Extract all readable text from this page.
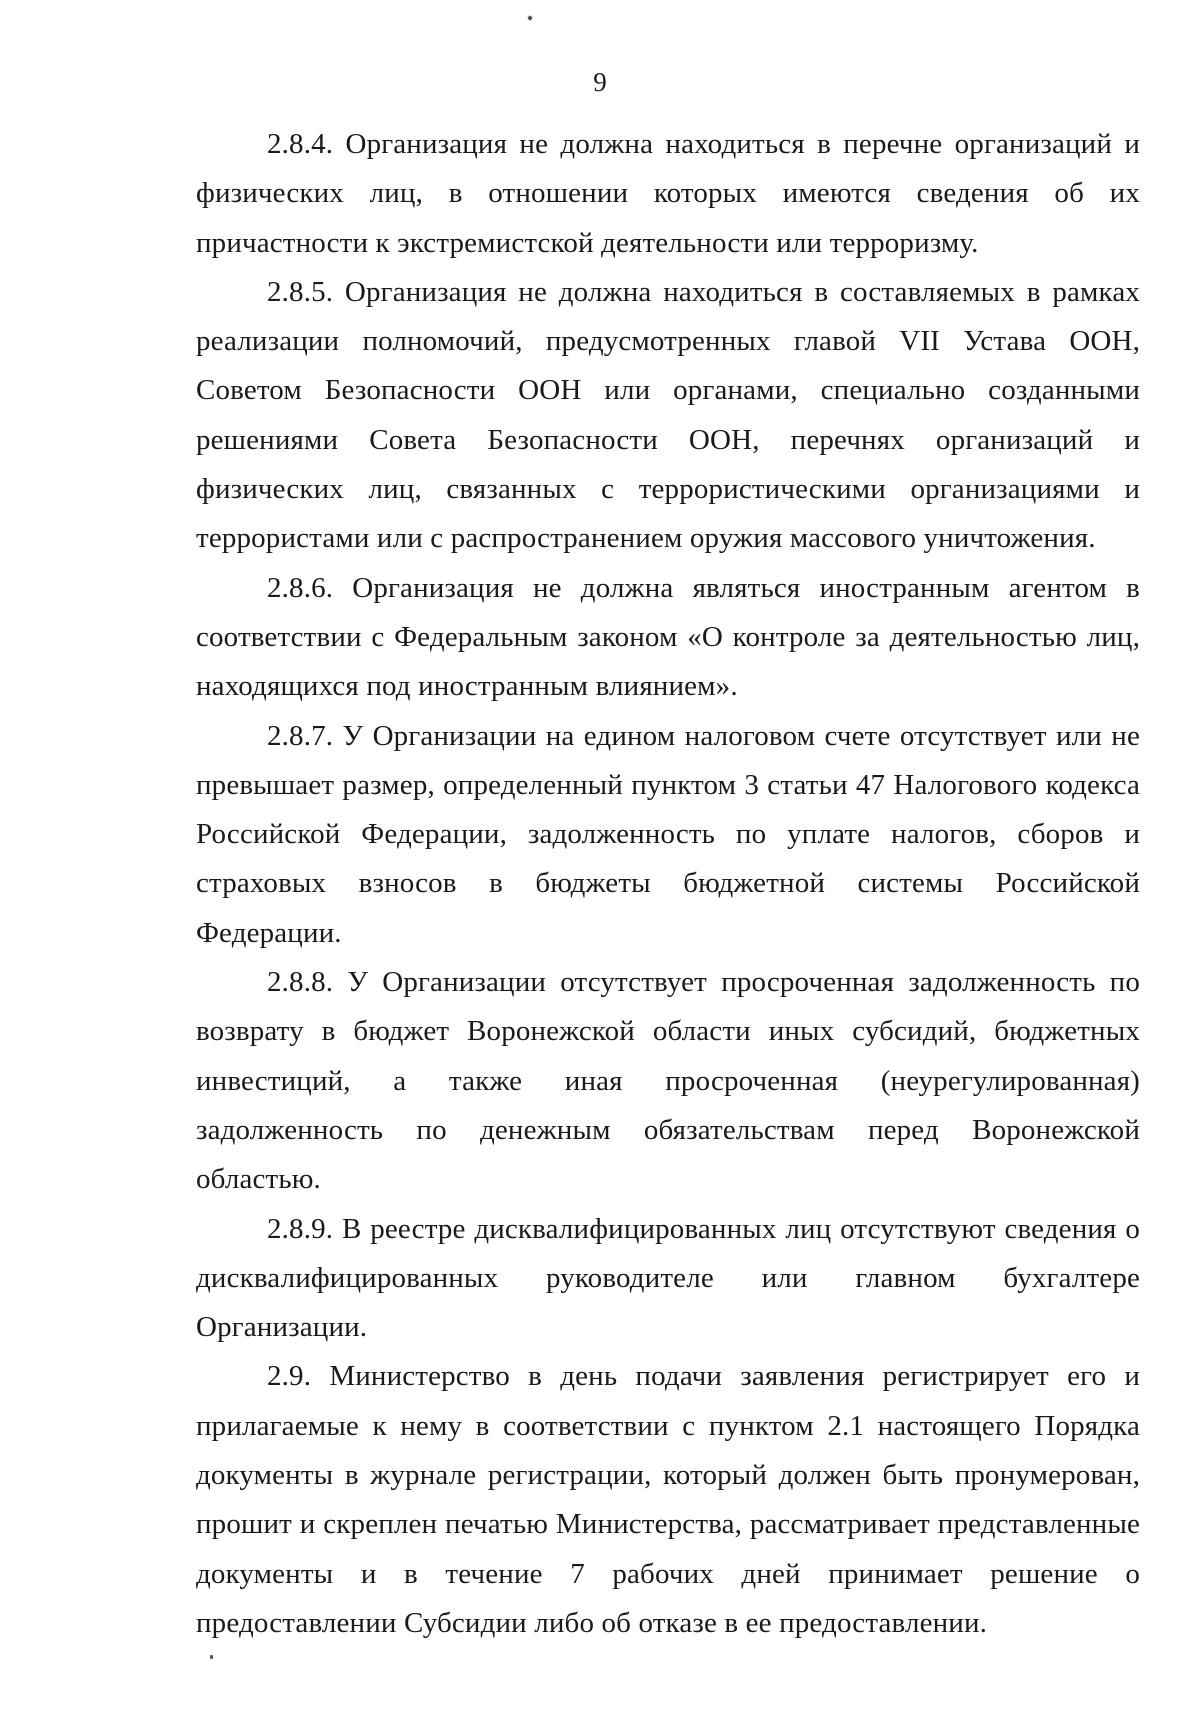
9

2.8.4. Организация не должна находиться в перечне организаций и физических лиц, в отношении которых имеются сведения об их причастности к экстремистской деятельности или терроризму.

2.8.5. Организация не должна находиться в составляемых в рамках реализации полномочий, предусмотренных главой VII Устава ООН, Советом Безопасности ООН или органами, специально созданными решениями Совета Безопасности ООН, перечнях организаций и физических лиц, связанных с террористическими организациями и террористами или с распространением оружия массового уничтожения.

2.8.6. Организация не должна являться иностранным агентом в соответствии с Федеральным законом «О контроле за деятельностью лиц, находящихся под иностранным влиянием».

2.8.7. У Организации на едином налоговом счете отсутствует или не превышает размер, определенный пунктом 3 статьи 47 Налогового кодекса Российской Федерации, задолженность по уплате налогов, сборов и страховых взносов в бюджеты бюджетной системы Российской Федерации.

2.8.8. У Организации отсутствует просроченная задолженность по возврату в бюджет Воронежской области иных субсидий, бюджетных инвестиций, а также иная просроченная (неурегулированная) задолженность по денежным обязательствам перед Воронежской областью.

2.8.9. В реестре дисквалифицированных лиц отсутствуют сведения о дисквалифицированных руководителе или главном бухгалтере Организации.

2.9. Министерство в день подачи заявления регистрирует его и прилагаемые к нему в соответствии с пунктом 2.1 настоящего Порядка документы в журнале регистрации, который должен быть пронумерован, прошит и скреплен печатью Министерства, рассматривает представленные документы и в течение 7 рабочих дней принимает решение о предоставлении Субсидии либо об отказе в ее предоставлении.
